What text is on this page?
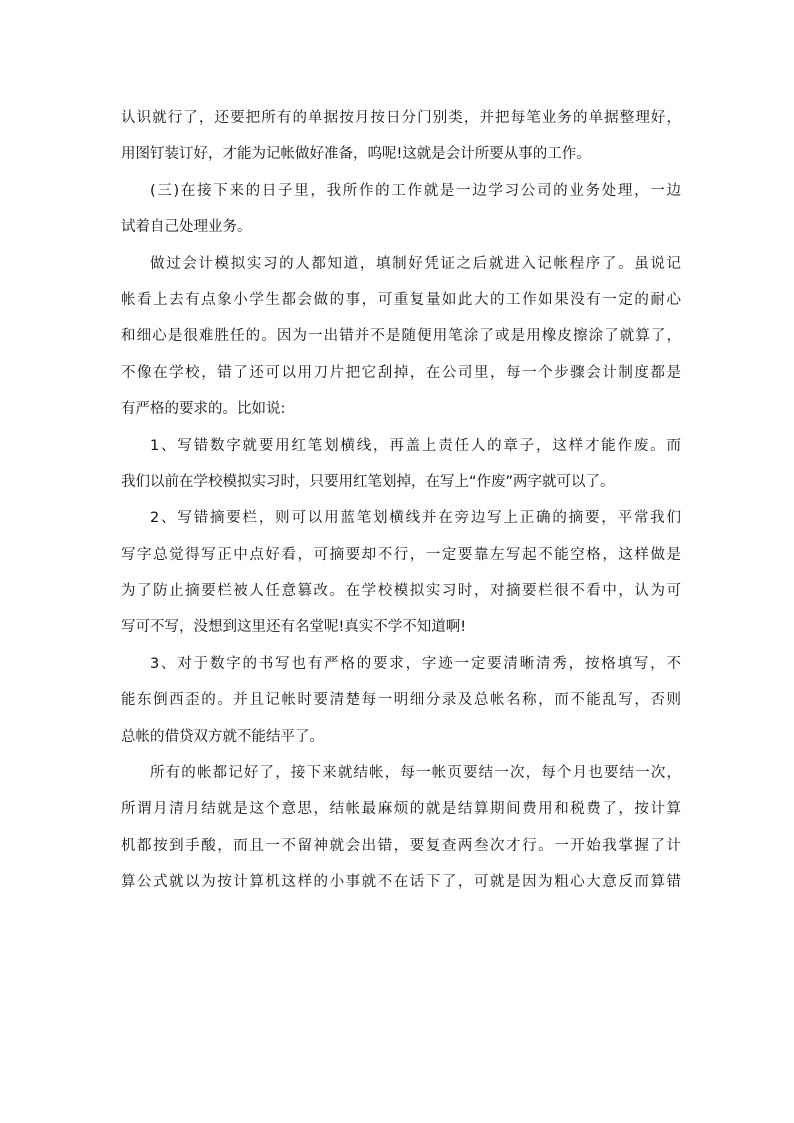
认识就行了，还要把所有的单据按月按日分门别类，并把每笔业务的单据整理好，
用图钉装订好，才能为记帐做好准备，呜呢!这就是会计所要从事的工作。
(三)在接下来的日子里，我所作的工作就是一边学习公司的业务处理，一边
试着自己处理业务。
做过会计模拟实习的人都知道，填制好凭证之后就进入记帐程序了。虽说记
帐看上去有点象小学生都会做的事，可重复量如此大的工作如果没有一定的耐心
和细心是很难胜任的。因为一出错并不是随便用笔涂了或是用橡皮擦涂了就算了，
不像在学校，错了还可以用刀片把它刮掉，在公司里，每一个步骤会计制度都是
有严格的要求的。比如说:
1、写错数字就要用红笔划横线，再盖上责任人的章子，这样才能作废。而
我们以前在学校模拟实习时，只要用红笔划掉，在写上“作废”两字就可以了。
2、写错摘要栏，则可以用蓝笔划横线并在旁边写上正确的摘要，平常我们
写字总觉得写正中点好看，可摘要却不行，一定要靠左写起不能空格，这样做是
为了防止摘要栏被人任意篡改。在学校模拟实习时，对摘要栏很不看中，认为可
写可不写，没想到这里还有名堂呢!真实不学不知道啊!
3、对于数字的书写也有严格的要求，字迹一定要清晰清秀，按格填写，不
能东倒西歪的。并且记帐时要清楚每一明细分录及总帐名称，而不能乱写，否则
总帐的借贷双方就不能结平了。
所有的帐都记好了，接下来就结帐，每一帐页要结一次，每个月也要结一次，
所谓月清月结就是这个意思，结帐最麻烦的就是结算期间费用和税费了，按计算
机都按到手酸，而且一不留神就会出错，要复查两叁次才行。一开始我掌握了计
算公式就以为按计算机这样的小事就不在话下了，可就是因为粗心大意反而算错
